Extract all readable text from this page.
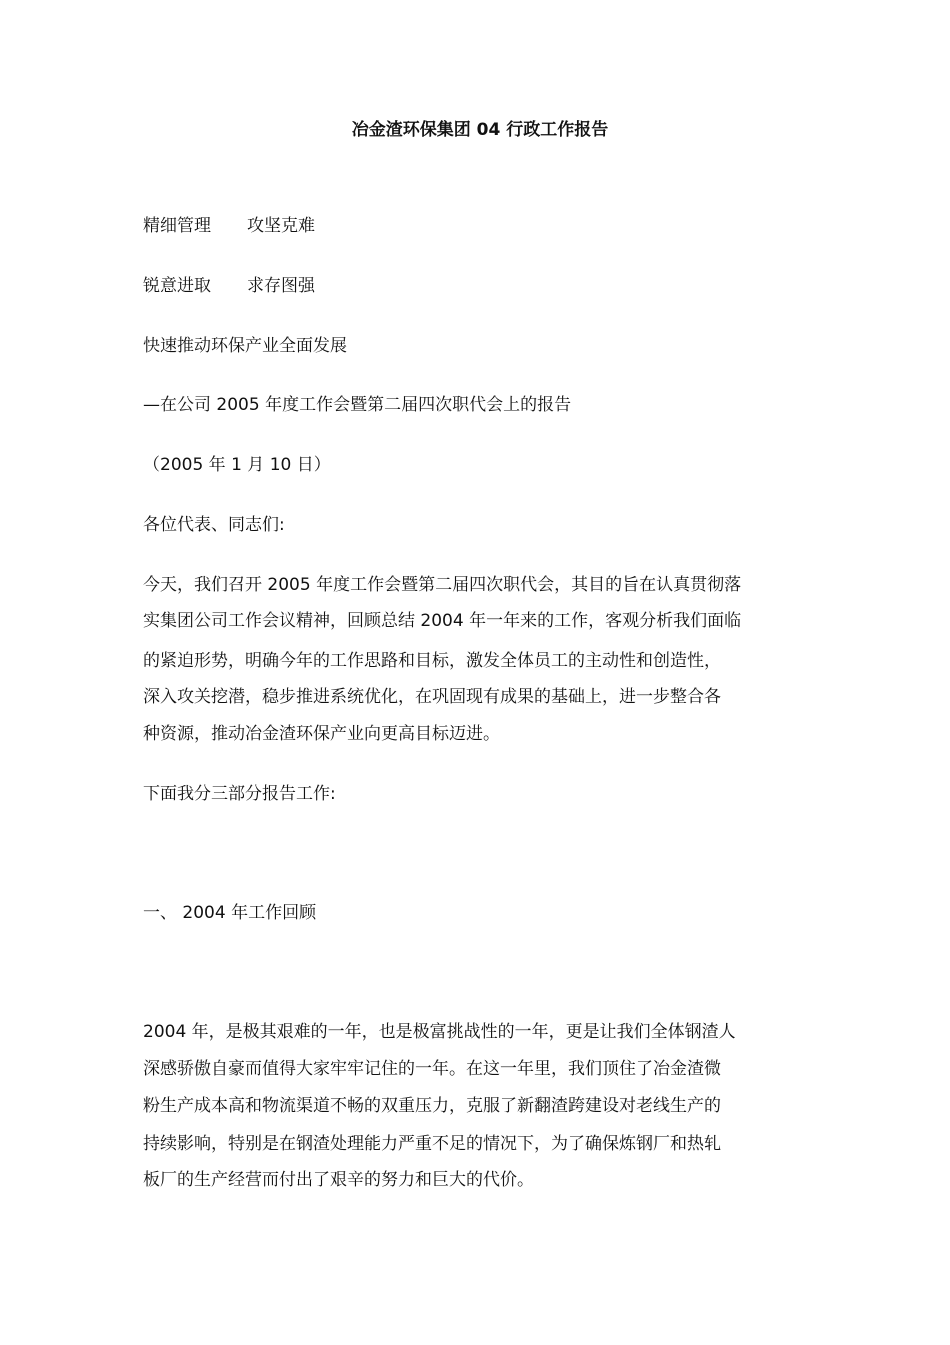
冶金渣环保集团 04 行政工作报告
精细管理 攻坚克难
锐意进取 求存图强

快速推动环保产业全面发展

—在公司 2005 年度工作会暨第二届四次职代会上的报告

（2005 年 1 月 10 日）

各位代表、同志们:

今天，我们召开 2005 年度工作会暨第二届四次职代会，其目的旨在认真贯彻落

实集团公司工作会议精神，回顾总结 2004 年一年来的工作，客观分析我们面临

的紧迫形势，明确今年的工作思路和目标，激发全体员工的主动性和创造性，

深入攻关挖潜，稳步推进系统优化，在巩固现有成果的基础上，进一步整合各

种资源，推动冶金渣环保产业向更高目标迈进。

下面我分三部分报告工作:

一、 2004 年工作回顾

2004 年，是极其艰难的一年，也是极富挑战性的一年，更是让我们全体钢渣人

深感骄傲自豪而值得大家牢牢记住的一年。在这一年里，我们顶住了冶金渣微

粉生产成本高和物流渠道不畅的双重压力，克服了新翻渣跨建设对老线生产的

持续影响，特别是在钢渣处理能力严重不足的情况下，为了确保炼钢厂和热轧

板厂的生产经营而付出了艰辛的努力和巨大的代价。
